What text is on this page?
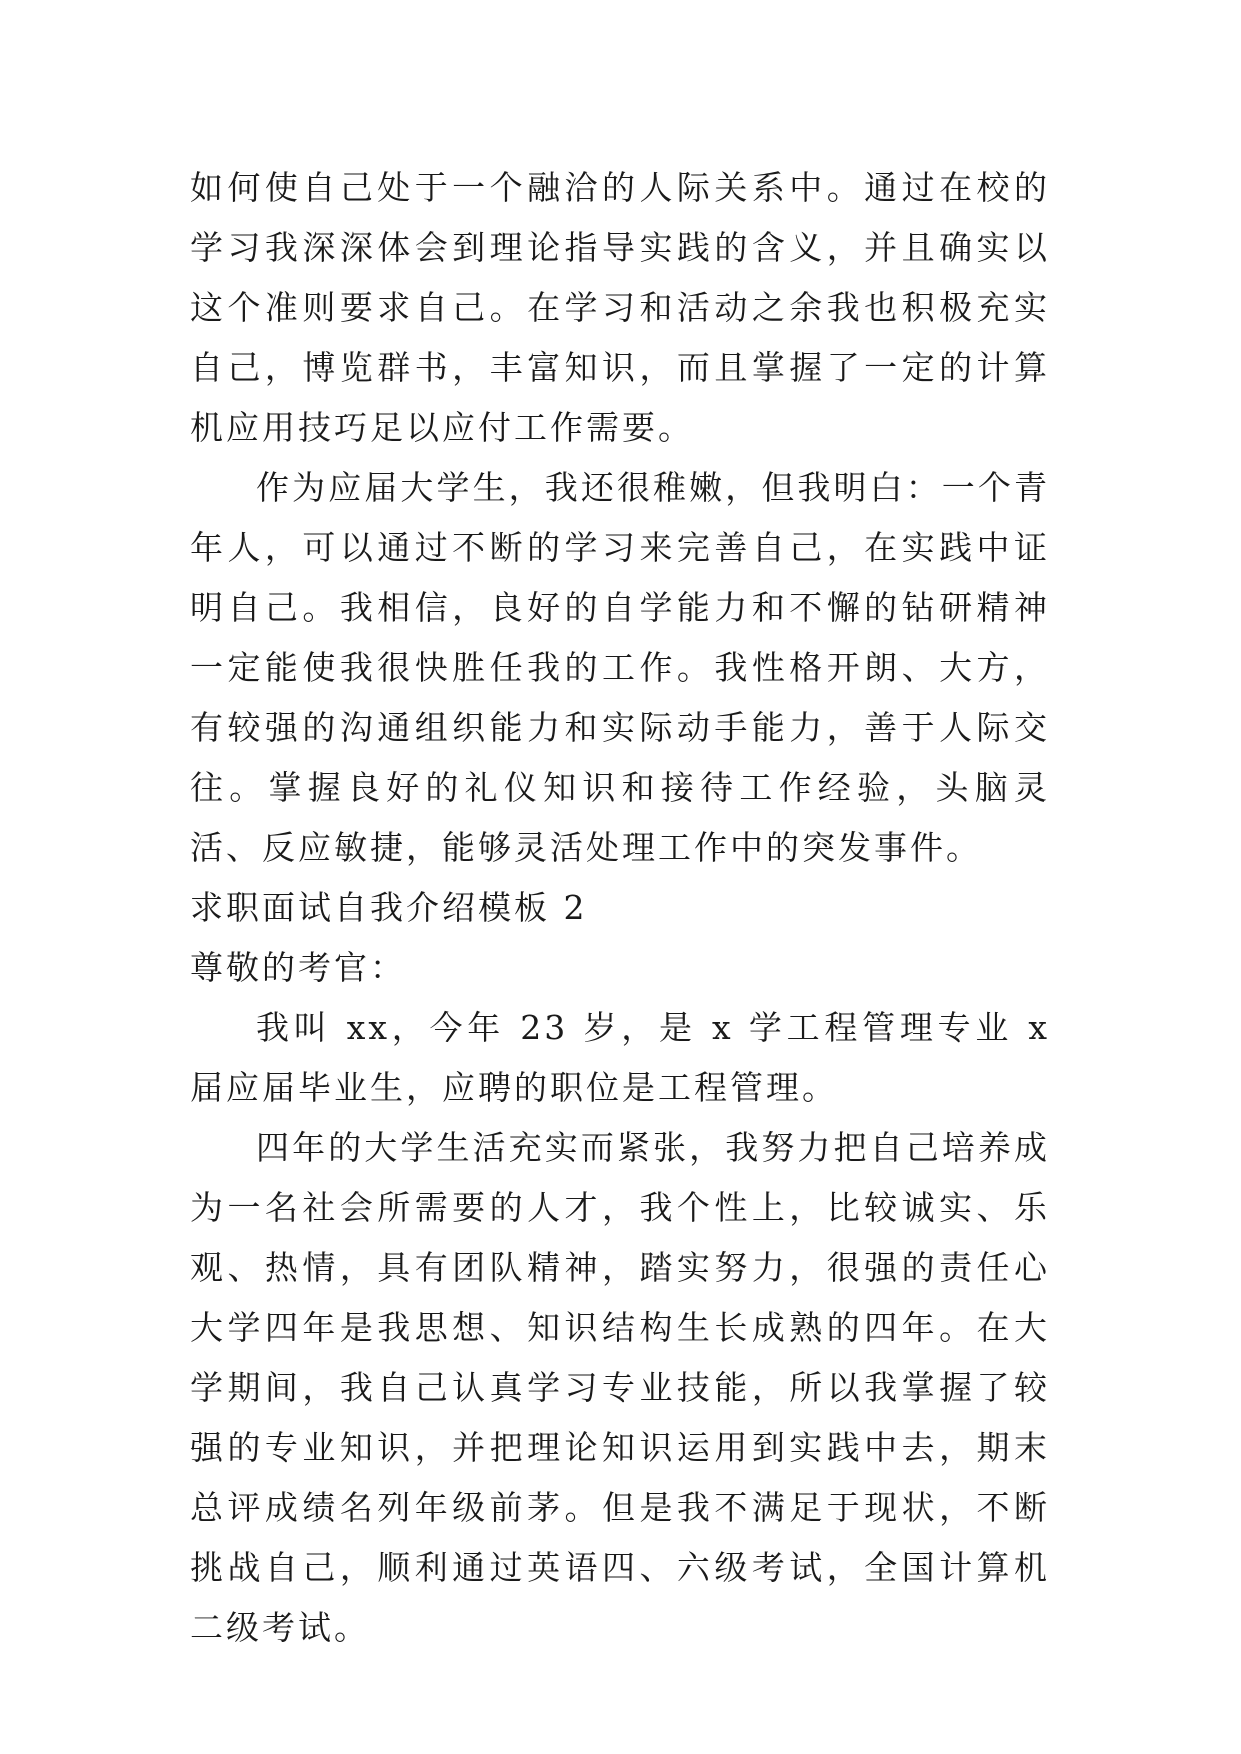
如何使自己处于一个融洽的人际关系中。通过在校的学习我深深体会到理论指导实践的含义，并且确实以这个准则要求自己。在学习和活动之余我也积极充实自己，博览群书，丰富知识，而且掌握了一定的计算机应用技巧足以应付工作需要。

作为应届大学生，我还很稚嫩，但我明白：一个青年人，可以通过不断的学习来完善自己，在实践中证明自己。我相信，良好的自学能力和不懈的钻研精神一定能使我很快胜任我的工作。我性格开朗、大方，有较强的沟通组织能力和实际动手能力，善于人际交往。掌握良好的礼仪知识和接待工作经验，头脑灵活、反应敏捷，能够灵活处理工作中的突发事件。

求职面试自我介绍模板 2

尊敬的考官：

我叫 xx，今年 23 岁，是 x 学工程管理专业 x 届应届毕业生，应聘的职位是工程管理。

四年的大学生活充实而紧张，我努力把自己培养成为一名社会所需要的人才，我个性上，比较诚实、乐观、热情，具有团队精神，踏实努力，很强的责任心大学四年是我思想、知识结构生长成熟的四年。在大学期间，我自己认真学习专业技能，所以我掌握了较强的专业知识，并把理论知识运用到实践中去，期末总评成绩名列年级前茅。但是我不满足于现状，不断挑战自己，顺利通过英语四、六级考试，全国计算机二级考试。
